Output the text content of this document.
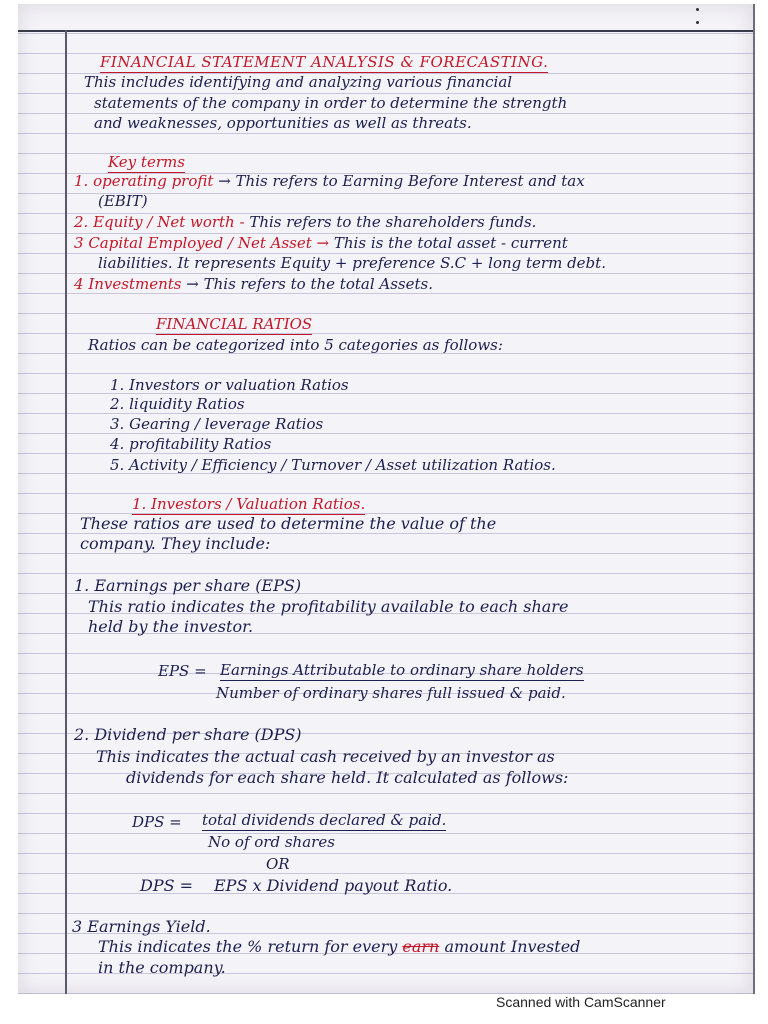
FINANCIAL STATEMENT ANALYSIS & FORECASTING.
This includes identifying and analyzing various financial
statements of the company in order to determine the strength
and weaknesses, opportunities as well as threats.
Key terms
1. operating profit → This refers to Earning Before Interest and tax
(EBIT)
2. Equity / Net worth - This refers to the shareholders funds.
3 Capital Employed / Net Asset → This is the total asset - current
liabilities. It represents Equity + preference S.C + long term debt.
4 Investments → This refers to the total Assets.
FINANCIAL RATIOS
Ratios can be categorized into 5 categories as follows:
1. Investors or valuation Ratios
2. liquidity Ratios
3. Gearing / leverage Ratios
4. profitability Ratios
5. Activity / Efficiency / Turnover / Asset utilization Ratios.
1. Investors / Valuation Ratios.
These ratios are used to determine the value of the
company. They include:
1. Earnings per share (EPS)
This ratio indicates the profitability available to each share
held by the investor.
EPS = Earnings Attributable to ordinary share holders
Number of ordinary shares full issued & paid.
2. Dividend per share (DPS)
This indicates the actual cash received by an investor as
dividends for each share held. It calculated as follows:
DPS = total dividends declared & paid.
No of ord shares
OR
DPS = EPS x Dividend payout Ratio.
3 Earnings Yield.
This indicates the % return for every earn amount Invested
in the company.
Scanned with CamScanner
